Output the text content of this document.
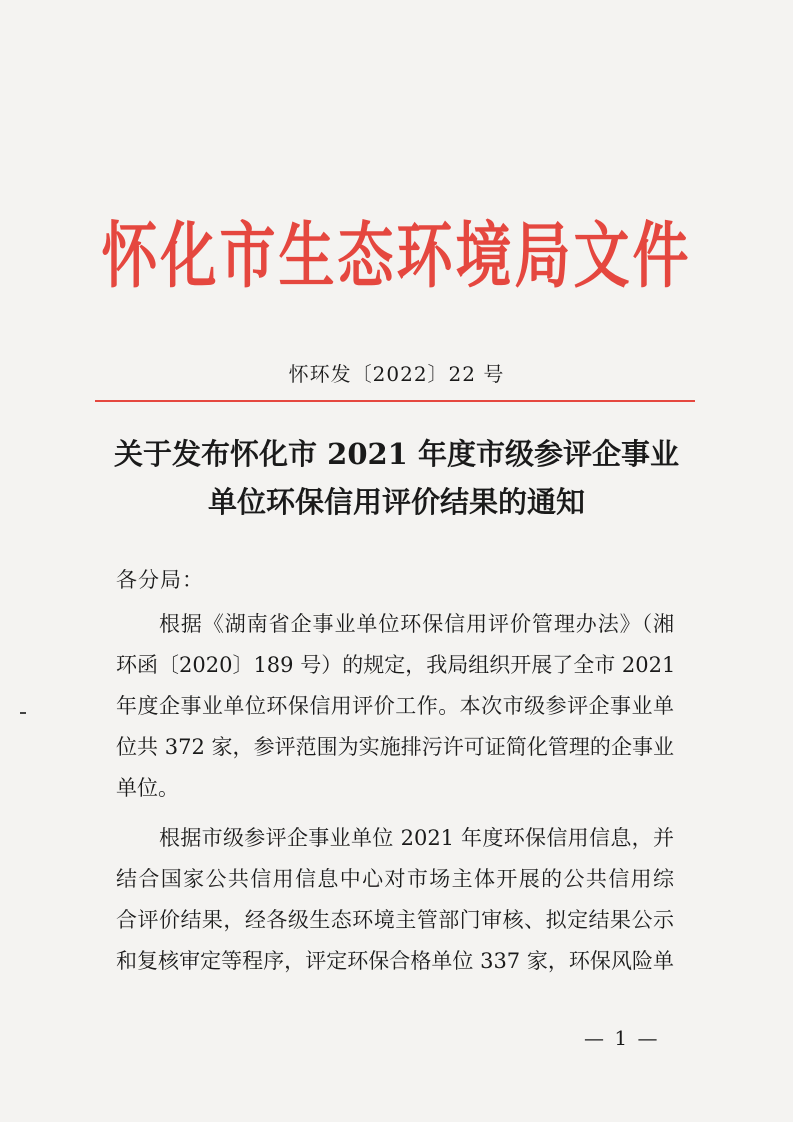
怀化市生态环境局文件
怀环发〔2022〕22 号
关于发布怀化市 2021 年度市级参评企事业
单位环保信用评价结果的通知
各分局：
根据《湖南省企事业单位环保信用评价管理办法》（湘
环函〔2020〕189 号）的规定，我局组织开展了全市 2021
年度企事业单位环保信用评价工作。本次市级参评企事业单
位共 372 家，参评范围为实施排污许可证简化管理的企事业
单位。
根据市级参评企事业单位 2021 年度环保信用信息，并
结合国家公共信用信息中心对市场主体开展的公共信用综
合评价结果，经各级生态环境主管部门审核、拟定结果公示
和复核审定等程序，评定环保合格单位 337 家，环保风险单
— 1 —
